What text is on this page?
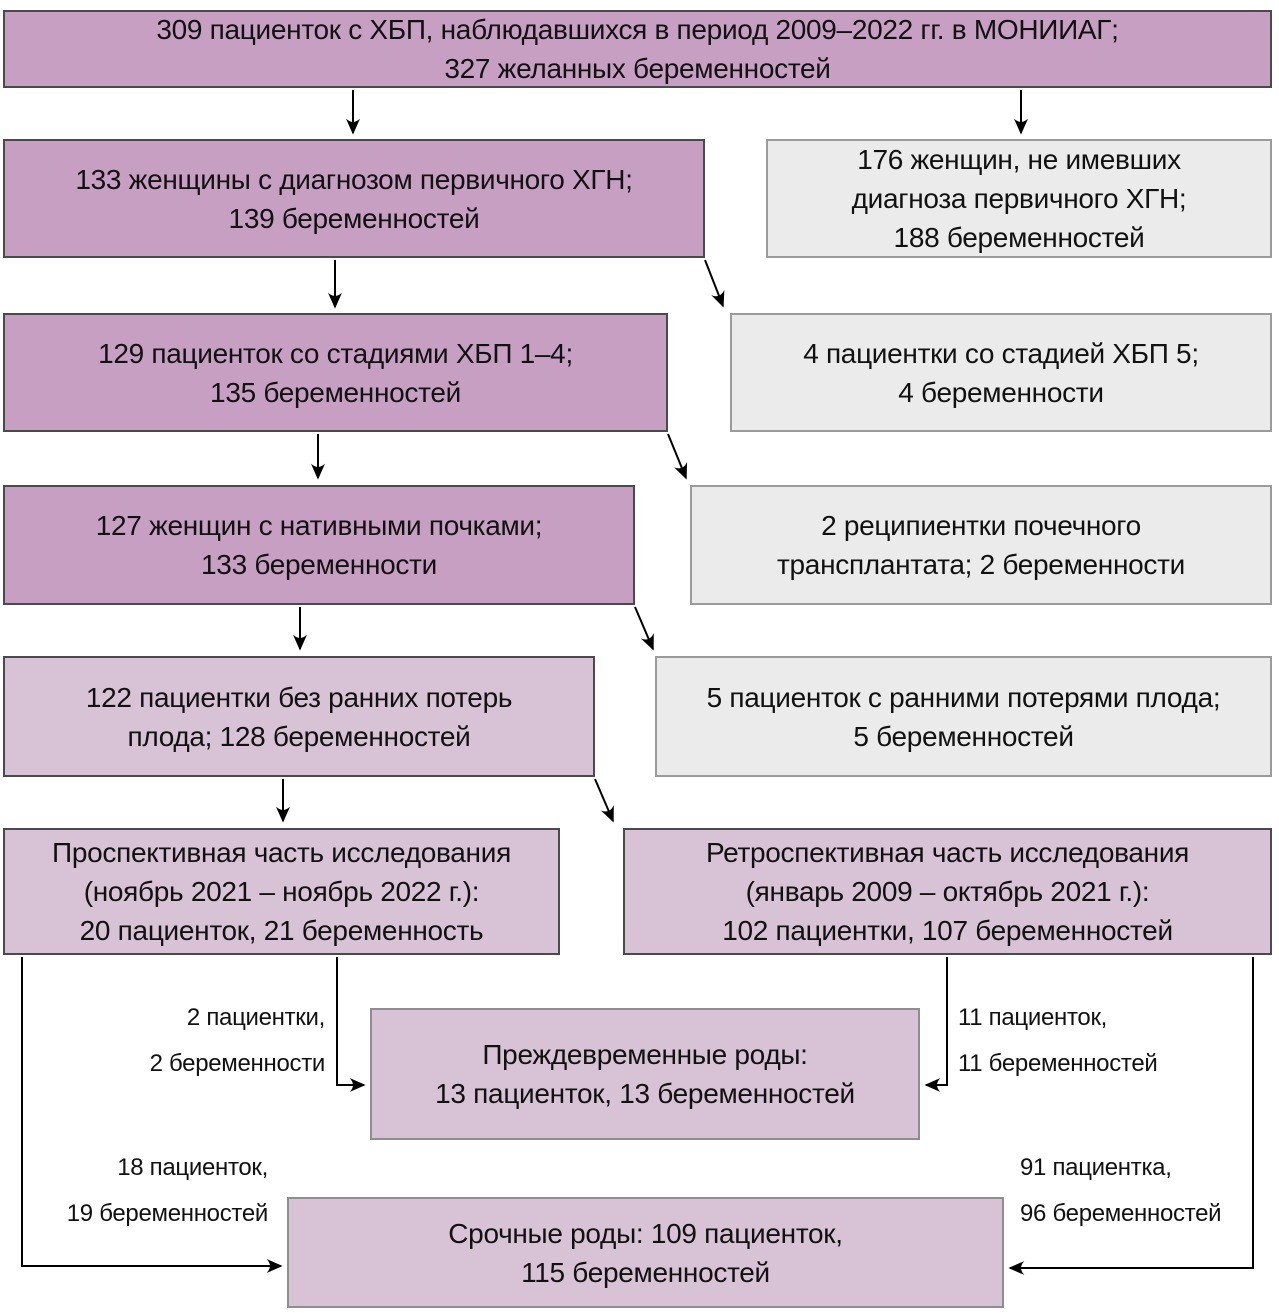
309 пациенток с ХБП, наблюдавшихся в период 2009–2022 гг. в МОНИИАГ;
327 желанных беременностей
133 женщины с диагнозом первичного ХГН;
139 беременностей
176 женщин, не имевших
диагноза первичного ХГН;
188 беременностей
129 пациенток со стадиями ХБП 1–4;
135 беременностей
4 пациентки со стадией ХБП 5;
4 беременности
127 женщин с нативными почками;
133 беременности
2 реципиентки почечного
трансплантата; 2 беременности
122 пациентки без ранних потерь
плода; 128 беременностей
5 пациенток с ранними потерями плода;
5 беременностей
Проспективная часть исследования
(ноябрь 2021 – ноябрь 2022 г.):
20 пациенток, 21 беременность
Ретроспективная часть исследования
(январь 2009 – октябрь 2021 г.):
102 пациентки, 107 беременностей
Преждевременные роды:
13 пациенток, 13 беременностей
Срочные роды: 109 пациенток,
115 беременностей
2 пациентки,
2 беременности
11 пациенток,
11 беременностей
18 пациенток,
19 беременностей
91 пациентка,
96 беременностей
